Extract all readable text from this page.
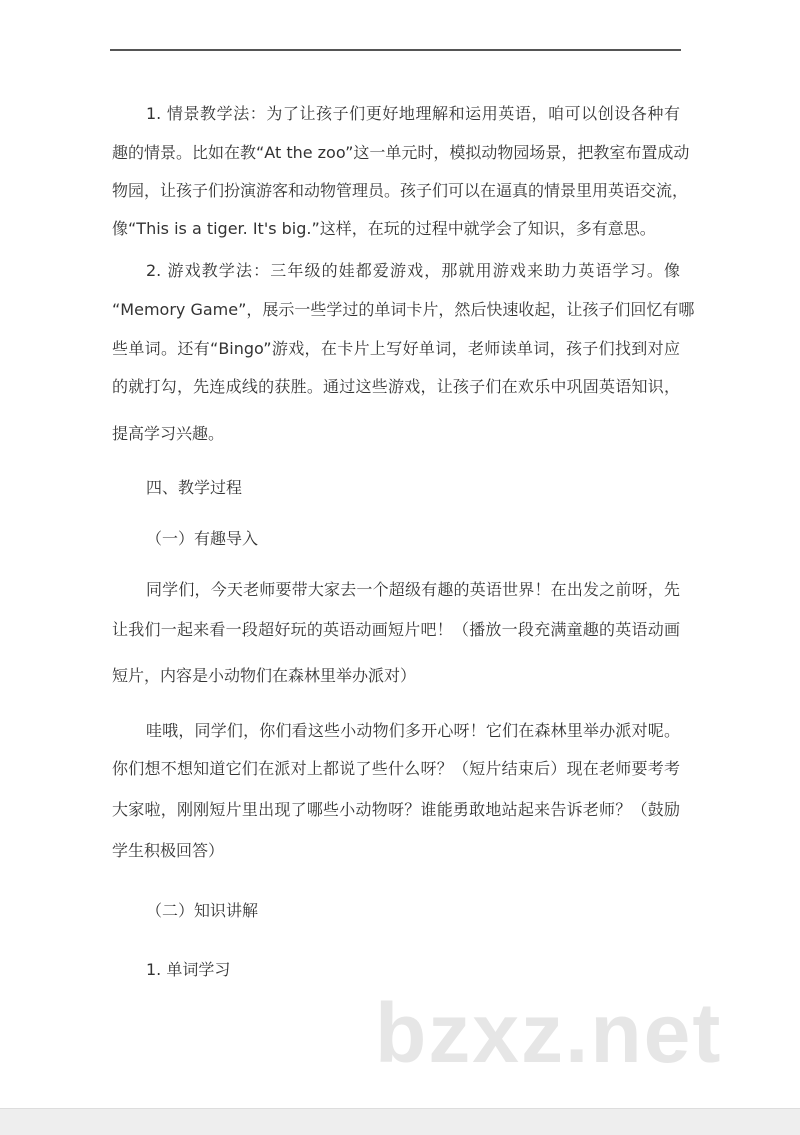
1. 情景教学法：为了让孩子们更好地理解和运用英语，咱可以创设各种有
趣的情景。比如在教“At the zoo”这一单元时，模拟动物园场景，把教室布置成动
物园，让孩子们扮演游客和动物管理员。孩子们可以在逼真的情景里用英语交流，
像“This is a tiger. It's big.”这样，在玩的过程中就学会了知识，多有意思。
2. 游戏教学法：三年级的娃都爱游戏，那就用游戏来助力英语学习。像
“Memory Game”，展示一些学过的单词卡片，然后快速收起，让孩子们回忆有哪
些单词。还有“Bingo”游戏，在卡片上写好单词，老师读单词，孩子们找到对应
的就打勾，先连成线的获胜。通过这些游戏，让孩子们在欢乐中巩固英语知识，
提高学习兴趣。
四、教学过程
（一）有趣导入
同学们，今天老师要带大家去一个超级有趣的英语世界！在出发之前呀，先
让我们一起来看一段超好玩的英语动画短片吧！（播放一段充满童趣的英语动画
短片，内容是小动物们在森林里举办派对）
哇哦，同学们，你们看这些小动物们多开心呀！它们在森林里举办派对呢。
你们想不想知道它们在派对上都说了些什么呀？（短片结束后）现在老师要考考
大家啦，刚刚短片里出现了哪些小动物呀？谁能勇敢地站起来告诉老师？（鼓励
学生积极回答）
（二）知识讲解
1. 单词学习
bzxz.net
